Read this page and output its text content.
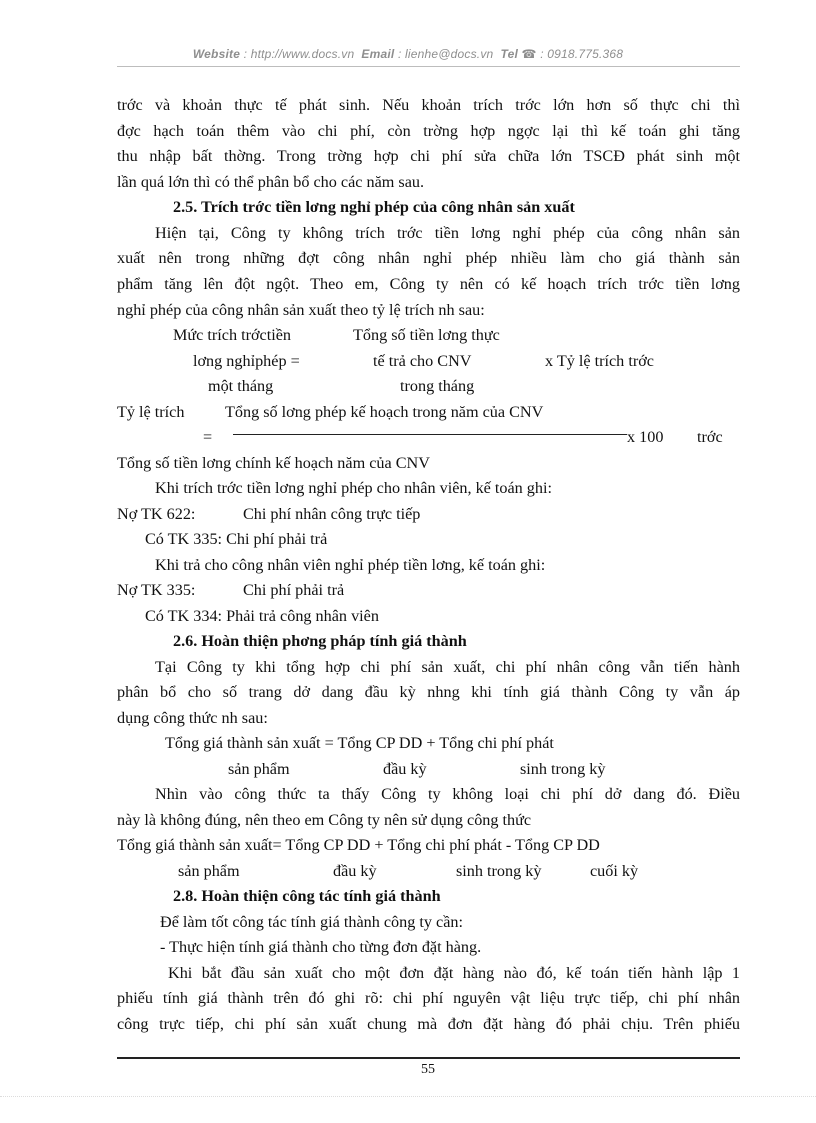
Website : http://www.docs.vn Email : lienhe@docs.vn Tel ☎ : 0918.775.368
trớc và khoản thực tế phát sinh. Nếu khoản trích trớc lớn hơn số thực chi thì
đợc hạch toán thêm vào chi phí, còn trờng hợp ngợc lại thì kế toán ghi tăng
thu nhập bất thờng. Trong trờng hợp chi phí sửa chữa lớn TSCĐ phát sinh một
lần quá lớn thì có thể phân bổ cho các năm sau.
2.5. Trích trớc tiền lơng nghỉ phép của công nhân sản xuất
Hiện tại, Công ty không trích trớc tiền lơng nghỉ phép của công nhân sản
xuất nên trong những đợt công nhân nghỉ phép nhiều làm cho giá thành sản
phẩm tăng lên đột ngột. Theo em, Công ty nên có kế hoạch trích trớc tiền lơng
nghỉ phép của công nhân sản xuất theo tỷ lệ trích nh sau:
Mức trích trớctiền	Tổng số tiền lơng thực
lơng nghỉphép =	tế trả cho CNV	x Tỷ lệ trích trớc
một tháng	trong tháng
Tỷ lệ trích	Tổng số lơng phép kế hoạch trong năm của CNV
=	x 100 trớc
Tổng số tiền lơng chính kế hoạch năm của CNV
Khi trích trớc tiền lơng nghỉ phép cho nhân viên, kế toán ghi:
Nợ TK 622:	Chi phí nhân công trực tiếp
Có TK 335: Chi phí phải trả
Khi trả cho công nhân viên nghỉ phép tiền lơng, kế toán ghi:
Nợ TK 335:	Chi phí phải trả
Có TK 334: Phải trả công nhân viên
2.6. Hoàn thiện phơng pháp tính giá thành
Tại Công ty khi tổng hợp chi phí sản xuất, chi phí nhân công vẫn tiến hành
phân bổ cho số trang dở dang đầu kỳ nhng khi tính giá thành Công ty vẫn áp
dụng công thức nh sau:
Tổng giá thành sản xuất = Tổng CP DD + Tổng chi phí phát
sản phẩm	đầu kỳ	sinh trong kỳ
Nhìn vào công thức ta thấy Công ty không loại chi phí dở dang đó. Điều
này là không đúng, nên theo em Công ty nên sử dụng công thức
Tổng giá thành sản xuất= Tổng CP DD + Tổng chi phí phát - Tổng CP DD
sản phẩm	đầu kỳ	sinh trong kỳ	cuối kỳ
2.8. Hoàn thiện công tác tính giá thành
Để làm tốt công tác tính giá thành công ty cần:
- Thực hiện tính giá thành cho từng đơn đặt hàng.
Khi bắt đầu sản xuất cho một đơn đặt hàng nào đó, kế toán tiến hành lập 1
phiếu tính giá thành trên đó ghi rõ: chi phí nguyên vật liệu trực tiếp, chi phí nhân
công trực tiếp, chi phí sản xuất chung mà đơn đặt hàng đó phải chịu. Trên phiếu
55
